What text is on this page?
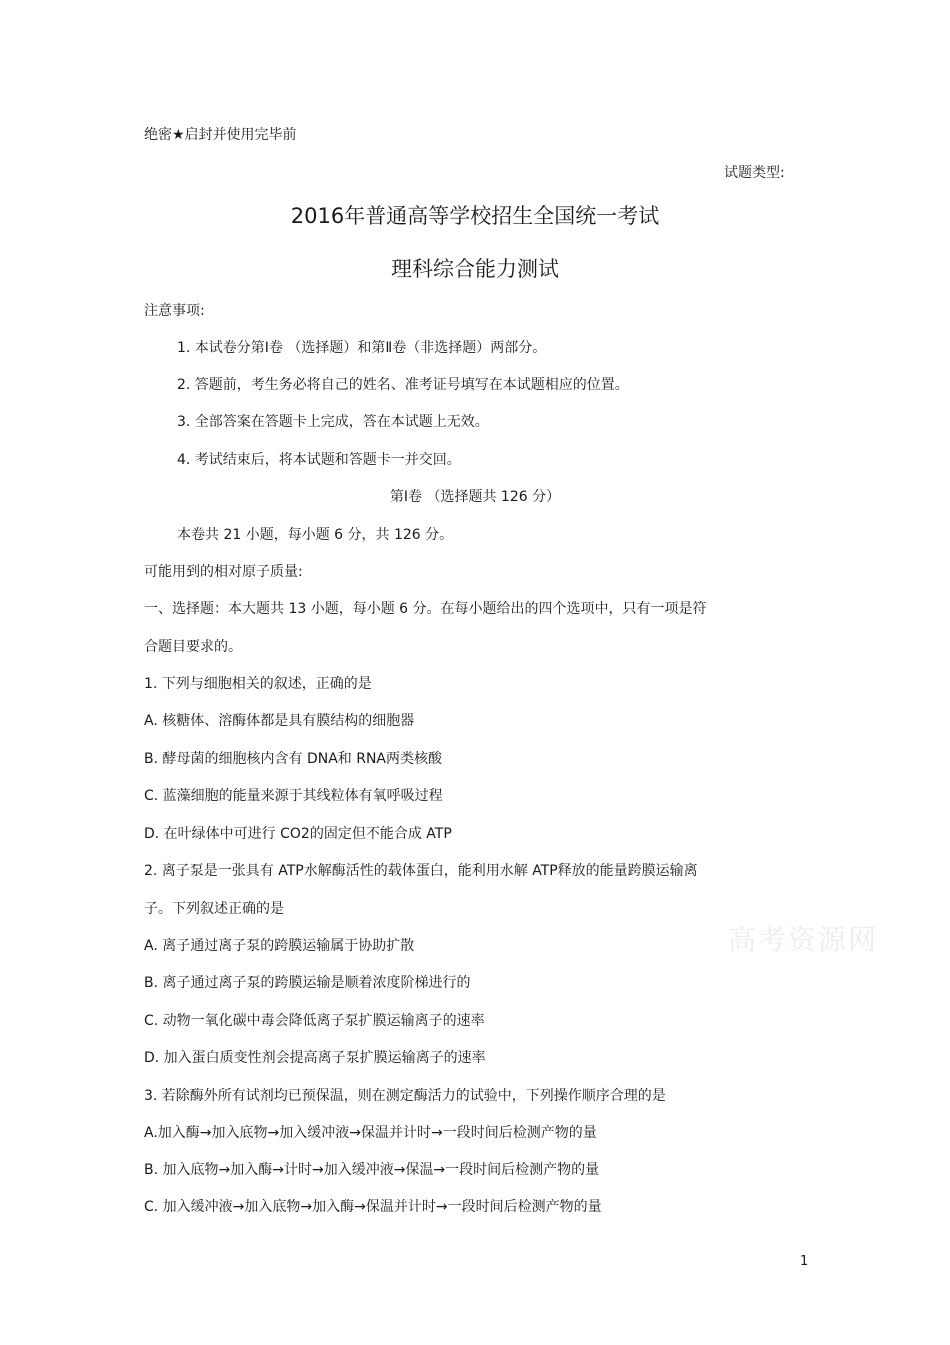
绝密★启封并使用完毕前
试题类型:
2016年普通高等学校招生全国统一考试
理科综合能力测试
注意事项:
1. 本试卷分第Ⅰ卷 （选择题）和第Ⅱ卷（非选择题）两部分。
2. 答题前，考生务必将自己的姓名、准考证号填写在本试题相应的位置。
3. 全部答案在答题卡上完成，答在本试题上无效。
4. 考试结束后，将本试题和答题卡一并交回。
第Ⅰ卷 （选择题共 126 分）
本卷共 21 小题，每小题 6 分，共 126 分。
可能用到的相对原子质量:
一、选择题：本大题共 13 小题，每小题 6 分。在每小题给出的四个选项中，只有一项是符
合题目要求的。
1. 下列与细胞相关的叙述，正确的是
A. 核糖体、溶酶体都是具有膜结构的细胞器
B. 酵母菌的细胞核内含有 DNA和 RNA两类核酸
C. 蓝藻细胞的能量来源于其线粒体有氧呼吸过程
D. 在叶绿体中可进行 CO2的固定但不能合成 ATP
2. 离子泵是一张具有 ATP水解酶活性的载体蛋白，能利用水解 ATP释放的能量跨膜运输离
子。下列叙述正确的是
A. 离子通过离子泵的跨膜运输属于协助扩散
B. 离子通过离子泵的跨膜运输是顺着浓度阶梯进行的
C. 动物一氧化碳中毒会降低离子泵扩膜运输离子的速率
D. 加入蛋白质变性剂会提高离子泵扩膜运输离子的速率
3. 若除酶外所有试剂均已预保温，则在测定酶活力的试验中，下列操作顺序合理的是
A.加入酶→加入底物→加入缓冲液→保温并计时→一段时间后检测产物的量
B. 加入底物→加入酶→计时→加入缓冲液→保温→一段时间后检测产物的量
C. 加入缓冲液→加入底物→加入酶→保温并计时→一段时间后检测产物的量
高考资源网
1
